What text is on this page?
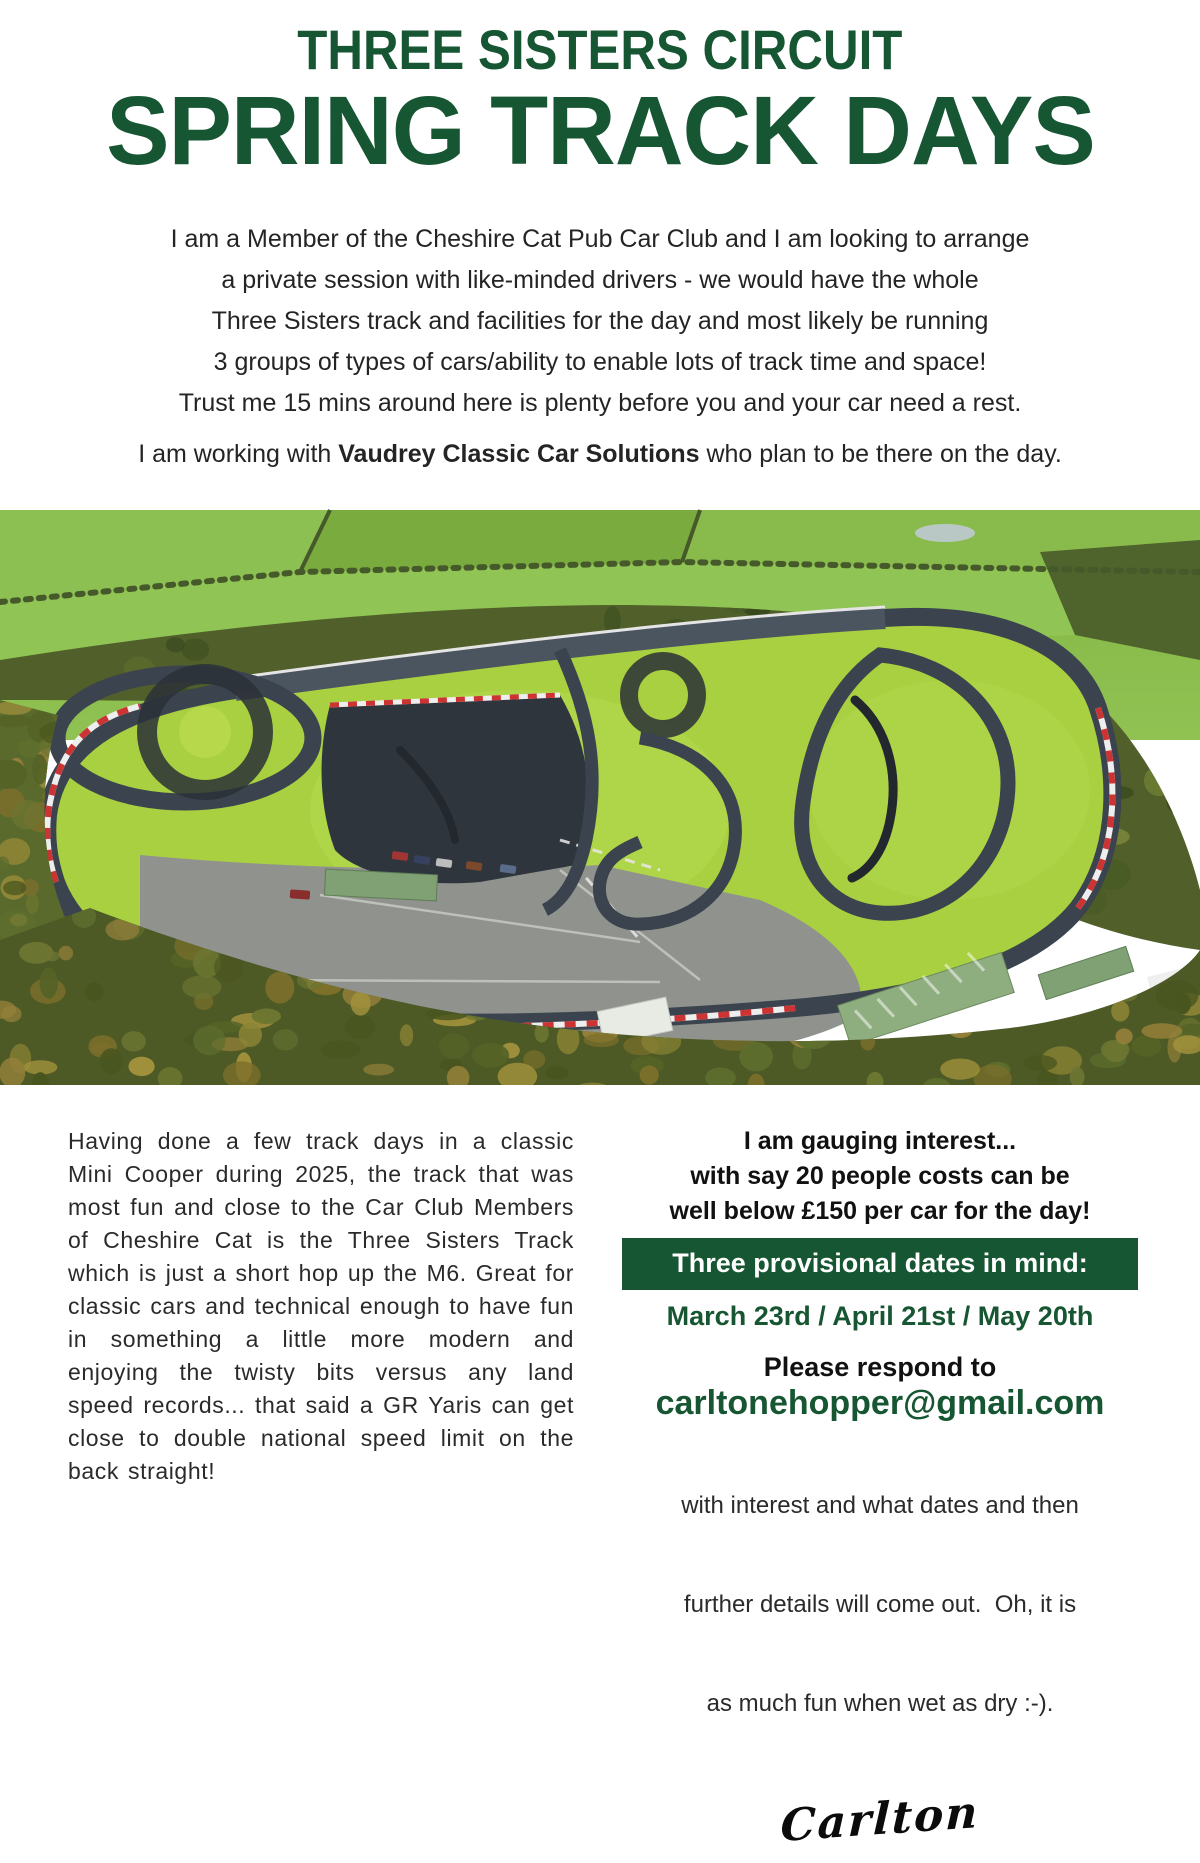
THREE SISTERS CIRCUIT
SPRING TRACK DAYS
I am a Member of the Cheshire Cat Pub Car Club and I am looking to arrange
a private session with like-minded drivers - we would have the whole
Three Sisters track and facilities for the day and most likely be running
3 groups of types of cars/ability to enable lots of track time and space!
Trust me 15 mins around here is plenty before you and your car need a rest.
I am working with Vaudrey Classic Car Solutions who plan to be there on the day.
Having done a few track days in a classic Mini Cooper during 2025, the track that was most fun and close to the Car Club Members of Cheshire Cat is the Three Sisters Track which is just a short hop up the M6. Great for classic cars and technical enough to have fun in something a little more modern and enjoying the twisty bits versus any land speed records... that said a GR Yaris can get close to double national speed limit on the back straight!
I am gauging interest...
with say 20 people costs can be
well below £150 per car for the day!
Three provisional dates in mind:
March 23rd / April 21st / May 20th
Please respond to
carltonehopper@gmail.com

with interest and what dates and then

further details will come out.  Oh, it is

as much fun when wet as dry :-).

Carlton
